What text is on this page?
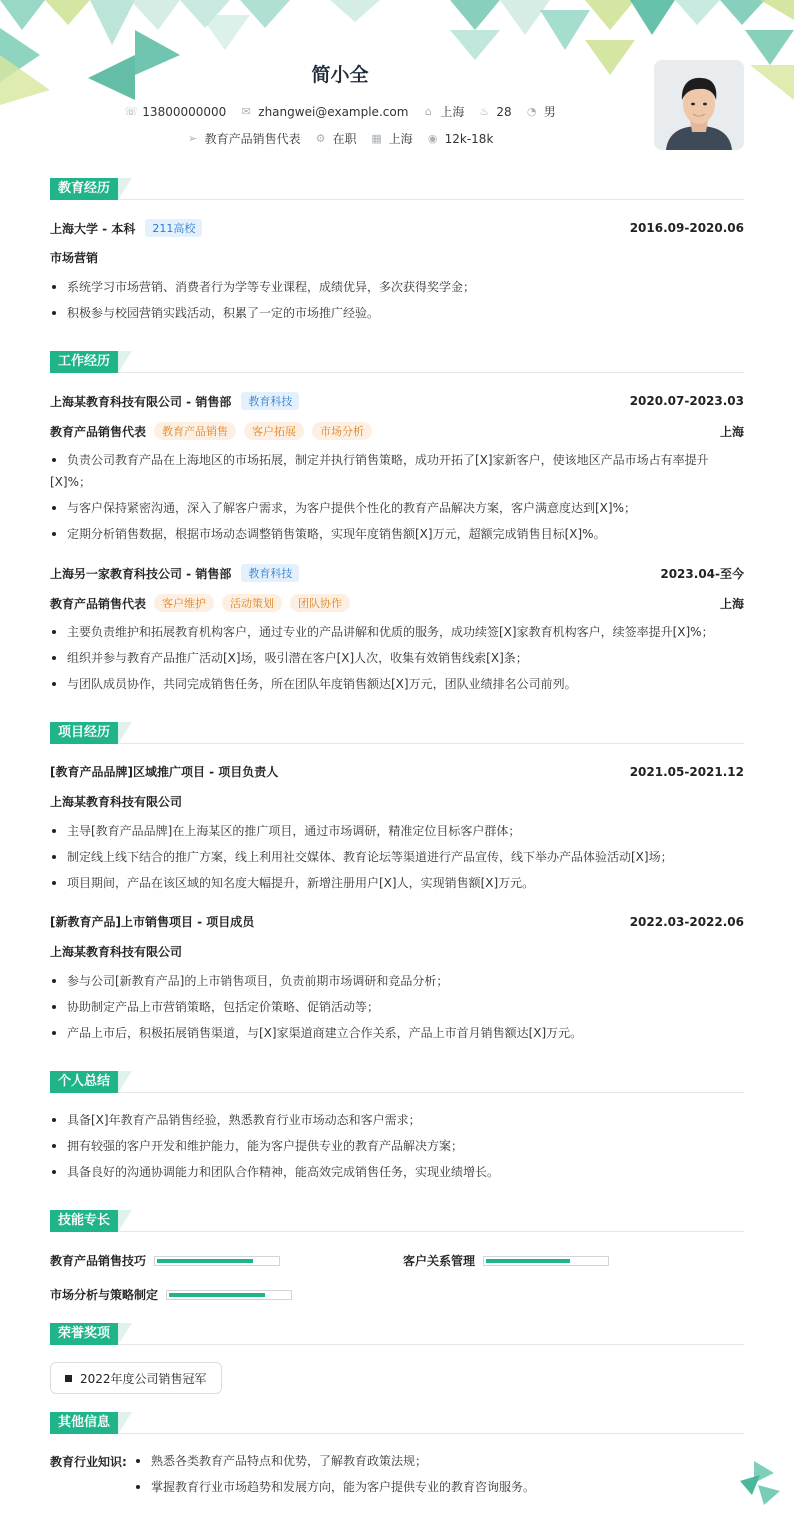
简小全
☏ 13800000000 ✉ zhangwei@example.com ⌂ 上海 ♨ 28 ◔ 男
➢ 教育产品销售代表 ⚙ 在职 ▦ 上海 ◉ 12k-18k
教育经历
上海大学 - 本科	211高校	2016.09-2020.06
市场营销
系统学习市场营销、消费者行为学等专业课程，成绩优异，多次获得奖学金；
积极参与校园营销实践活动，积累了一定的市场推广经验。
工作经历
上海某教育科技有限公司 - 销售部	教育科技	2020.07-2023.03
教育产品销售代表	教育产品销售	客户拓展	市场分析	上海
负责公司教育产品在上海地区的市场拓展，制定并执行销售策略，成功开拓了[X]家新客户，使该地区产品市场占有率提升
[X]%；
与客户保持紧密沟通，深入了解客户需求，为客户提供个性化的教育产品解决方案，客户满意度达到[X]%；
定期分析销售数据，根据市场动态调整销售策略，实现年度销售额[X]万元，超额完成销售目标[X]%。
上海另一家教育科技公司 - 销售部	教育科技	2023.04-至今
教育产品销售代表	客户维护	活动策划	团队协作	上海
主要负责维护和拓展教育机构客户，通过专业的产品讲解和优质的服务，成功续签[X]家教育机构客户，续签率提升[X]%；
组织并参与教育产品推广活动[X]场，吸引潜在客户[X]人次，收集有效销售线索[X]条；
与团队成员协作，共同完成销售任务，所在团队年度销售额达[X]万元，团队业绩排名公司前列。
项目经历
[教育产品品牌]区域推广项目 - 项目负责人	2021.05-2021.12
上海某教育科技有限公司
主导[教育产品品牌]在上海某区的推广项目，通过市场调研，精准定位目标客户群体；
制定线上线下结合的推广方案，线上利用社交媒体、教育论坛等渠道进行产品宣传，线下举办产品体验活动[X]场；
项目期间，产品在该区域的知名度大幅提升，新增注册用户[X]人，实现销售额[X]万元。
[新教育产品]上市销售项目 - 项目成员	2022.03-2022.06
上海某教育科技有限公司
参与公司[新教育产品]的上市销售项目，负责前期市场调研和竞品分析；
协助制定产品上市营销策略，包括定价策略、促销活动等；
产品上市后，积极拓展销售渠道，与[X]家渠道商建立合作关系，产品上市首月销售额达[X]万元。
个人总结
具备[X]年教育产品销售经验，熟悉教育行业市场动态和客户需求；
拥有较强的客户开发和维护能力，能为客户提供专业的教育产品解决方案；
具备良好的沟通协调能力和团队合作精神，能高效完成销售任务，实现业绩增长。
技能专长
教育产品销售技巧	客户关系管理
市场分析与策略制定
荣誉奖项
2022年度公司销售冠军
其他信息
教育行业知识:	熟悉各类教育产品特点和优势，了解教育政策法规；
掌握教育行业市场趋势和发展方向，能为客户提供专业的教育咨询服务。
